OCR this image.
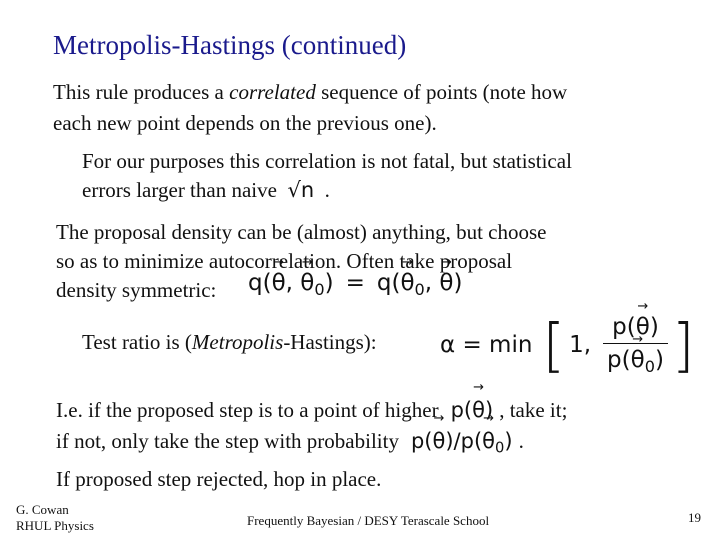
Metropolis-Hastings (continued)
This rule produces a correlated sequence of points (note how
each new point depends on the previous one).
For our purposes this correlation is not fatal, but statistical
errors larger than naive √n .
The proposal density can be (almost) anything, but choose
so as to minimize autocorrelation. Often take proposal
density symmetric: q(→ θ, → $\theta_0) = q(\to \theta_0$, → θ)
Test ratio is (Metropolis-Hastings):	α = min [ 1, $\frac{p(\to \theta)}{p(\to \theta_0)}$ ]
I.e. if the proposed step is to a point of higher p(→ θ) , take it;
if not, only take the step with probability $p(\to \theta)/p(\to \theta_0)$ .
If proposed step rejected, hop in place.
G. Cowan
RHUL Physics	Frequently Bayesian / DESY Terascale School	19
